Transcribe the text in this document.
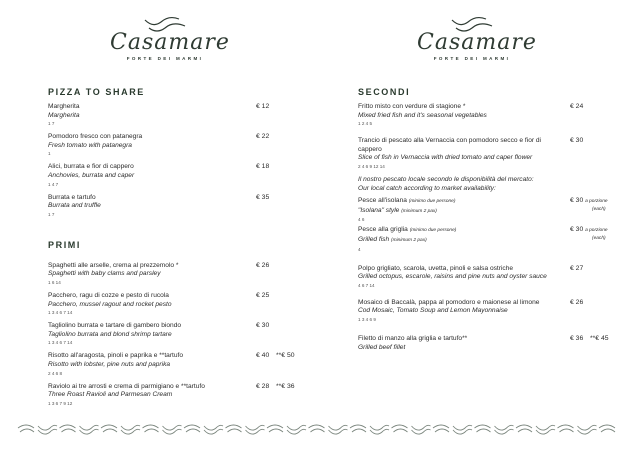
Casamare
FORTE DEI MARMI
Casamare
FORTE DEI MARMI
PIZZA TO SHARE
Margherita
Margherita
1 7
€ 12
Pomodoro fresco con patanegra
Fresh tomato with patanegra
1
€ 22
Alici, burrata e fior di cappero
Anchovies, burrata and caper
1 4 7
€ 18
Burrata e tartufo
Burrata and truffle
1 7
€ 35
PRIMI
Spaghetti alle arselle, crema al prezzemolo *
Spaghetti with baby clams and parsley
1 6 14
€ 26
Pacchero, ragu di cozze e pesto di rucola
Pacchero, mussel ragout and rocket pesto
1 3 4 6 7 14
€ 25
Tagliolino burrata e tartare di gambero biondo
Tagliolino burrata and blond shrimp tartare
1 3 4 6 7 14
€ 30
Risotto all'aragosta, pinoli e paprika e **tartufo
Risotto with lobster, pine nuts and paprika
2 4 6 8
€ 40 **€ 50
Raviolo ai tre arrosti e crema di parmigiano e **tartufo
Three Roast Ravioli and Parmesan Cream
1 3 6 7 9 12
€ 28 **€ 36
SECONDI
Fritto misto con verdure di stagione *
Mixed fried fish and it's seasonal vegetables
1 2 4 5
€ 24
Trancio di pescato alla Vernaccia con pomodoro secco e fior di cappero
Slice of fish in Vernaccia with dried tomato and caper flower
2 4 6 9 12 14
€ 30
Il nostro pescato locale secondo le disponibilità del mercato:
Our local catch according to market availability:
Pesce all'isolana (minimo due persone)
"Isolana" style (minimum 2 pax)
4 6
€ 30 a porzione
(each)
Pesce alla griglia (minimo due persone)
Grilled fish (minimum 2 pax)
4
€ 30 a porzione
(each)
Polpo grigliato, scarola, uvetta, pinoli e salsa ostriche
Grilled octopus, escarole, raisins and pine nuts and oyster sauce
4 6 7 14
€ 27
Mosaico di Baccalà, pappa al pomodoro e maionese al limone
Cod Mosaic, Tomato Soup and Lemon Mayonnaise
1 3 4 6 9
€ 26
Filetto di manzo alla griglia e tartufo**
Grilled beef fillet
€ 36 **€ 45
